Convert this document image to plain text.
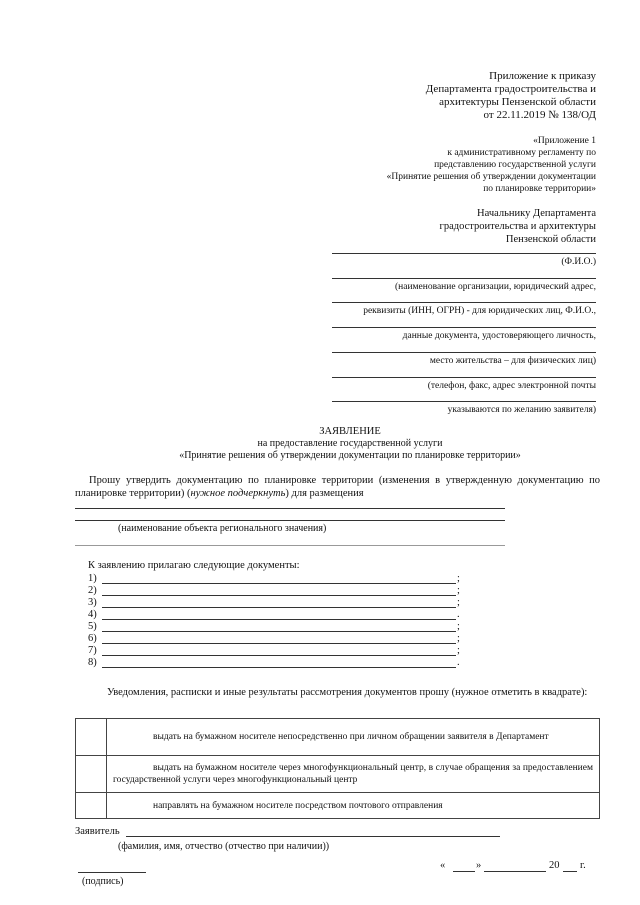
Приложение к приказу
Департамента градостроительства и
архитектуры Пензенской области
от 22.11.2019 № 138/ОД
«Приложение 1
к административному регламенту по
представлению государственной услуги
«Принятие решения об утверждении документации
по планировке территории»
Начальнику Департамента
градостроительства и архитектуры
Пензенской области
(Ф.И.О.)
(наименование организации, юридический адрес,
реквизиты (ИНН, ОГРН) - для юридических лиц, Ф.И.О.,
данные документа, удостоверяющего личность,
место жительства – для физических лиц)
(телефон, факс, адрес электронной почты
указываются по желанию заявителя)
ЗАЯВЛЕНИЕ
на предоставление государственной услуги
«Принятие решения об утверждении документации по планировке территории»
Прошу утвердить документацию по планировке территории (изменения в утвержденную документацию по планировке территории) (нужное подчеркнуть) для размещения
(наименование объекта регионального значения)
К заявлению прилагаю следующие документы:
1)	;
2)	;
3)	;
4)	.
5)	;
6)	;
7)	;
8)	.
Уведомления, расписки и иные результаты рассмотрения документов прошу (нужное отметить в квадрате):

	выдать на бумажном носителе непосредственно при личном обращении заявителя в Департамент

	выдать на бумажном носителе через многофункциональный центр, в случае обращения за предоставлением государственной услуги через многофункциональный центр

	направлять на бумажном носителе посредством почтового отправления
Заявитель
(фамилия, имя, отчество (отчество при наличии))
(подпись)
«	»	20 г.
